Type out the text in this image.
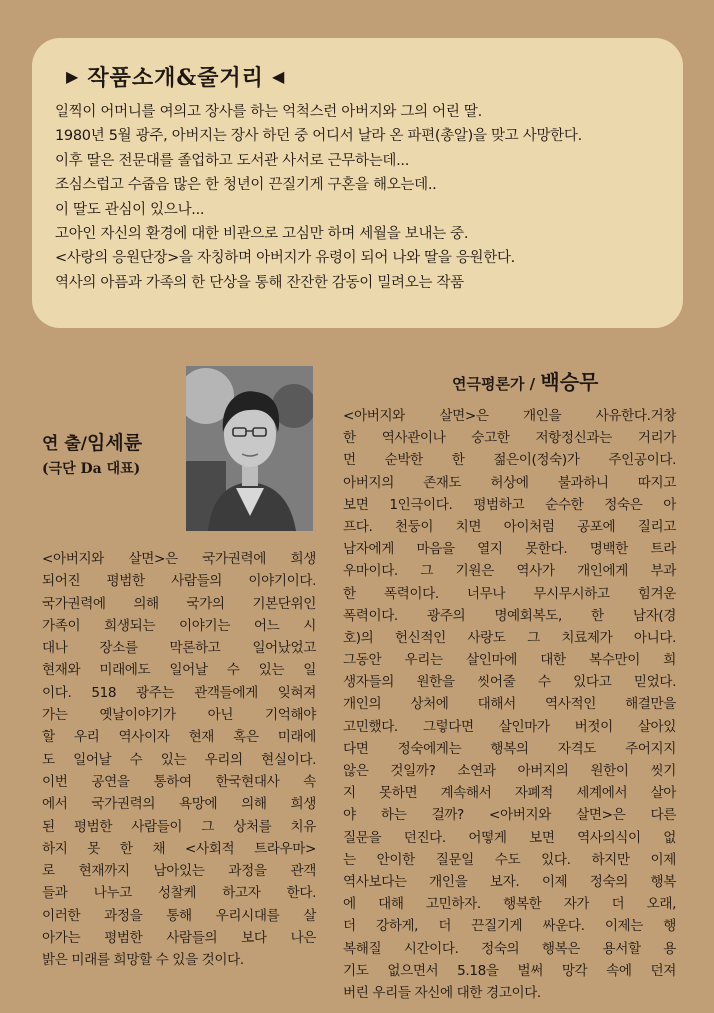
▶ 작품소개&줄거리 ◀
일찍이 어머니를 여의고 장사를 하는 억척스런 아버지와 그의 어린 딸.
1980년 5월 광주, 아버지는 장사 하던 중 어디서 날라 온 파편(총알)을 맞고 사망한다.
이후 딸은 전문대를 졸업하고 도서관 사서로 근무하는데...
조심스럽고 수줍음 많은 한 청년이 끈질기게 구혼을 해오는데..
이 딸도 관심이 있으나...
고아인 자신의 환경에 대한 비관으로 고심만 하며 세월을 보내는 중.
<사랑의 응원단장>을 자칭하며 아버지가 유령이 되어 나와 딸을 응원한다.
역사의 아픔과 가족의 한 단상을 통해 잔잔한 감동이 밀려오는 작품
연 출/임세륜
(극단 Da 대표)
<아버지와 살면>은 국가권력에 희생
되어진 평범한 사람들의 이야기이다.
국가권력에 의해 국가의 기본단위인
가족이 희생되는 이야기는 어느 시
대나 장소를 막론하고 일어났었고
현재와 미래에도 일어날 수 있는 일
이다. 518 광주는 관객들에게 잊혀져
가는 옛날이야기가 아닌 기억해야
할 우리 역사이자 현재 혹은 미래에
도 일어날 수 있는 우리의 현실이다.
이번 공연을 통하여 한국현대사 속
에서 국가권력의 욕망에 의해 희생
된 평범한 사람들이 그 상처를 치유
하지 못 한 채 <사회적 트라우마>
로 현재까지 남아있는 과정을 관객
들과 나누고 성찰케 하고자 한다.
이러한 과정을 통해 우리시대를 살
아가는 평범한 사람들의 보다 나은
밝은 미래를 희망할 수 있을 것이다.
연극평론가 / 백승무
<아버지와 살면>은 개인을 사유한다.거창
한 역사관이나 숭고한 저항정신과는 거리가
먼 순박한 한 젊은이(정숙)가 주인공이다.
아버지의 존재도 허상에 불과하니 따지고
보면 1인극이다. 평범하고 순수한 정숙은 아
프다. 천둥이 치면 아이처럼 공포에 질리고
남자에게 마음을 열지 못한다. 명백한 트라
우마이다. 그 기원은 역사가 개인에게 부과
한 폭력이다. 너무나 무시무시하고 힘겨운
폭력이다. 광주의 명예회복도, 한 남자(경
호)의 헌신적인 사랑도 그 치료제가 아니다.
그동안 우리는 살인마에 대한 복수만이 희
생자들의 원한을 씻어줄 수 있다고 믿었다.
개인의 상처에 대해서 역사적인 해결만을
고민했다. 그렇다면 살인마가 버젓이 살아있
다면 정숙에게는 행복의 자격도 주어지지
않은 것일까? 소연과 아버지의 원한이 씻기
지 못하면 계속해서 자폐적 세계에서 살아
야 하는 걸까? <아버지와 살면>은 다른
질문을 던진다. 어떻게 보면 역사의식이 없
는 안이한 질문일 수도 있다. 하지만 이제
역사보다는 개인을 보자. 이제 정숙의 행복
에 대해 고민하자. 행복한 자가 더 오래,
더 강하게, 더 끈질기게 싸운다. 이제는 행
복해질 시간이다. 정숙의 행복은 용서할 용
기도 없으면서 5.18을 벌써 망각 속에 던져
버린 우리들 자신에 대한 경고이다.
